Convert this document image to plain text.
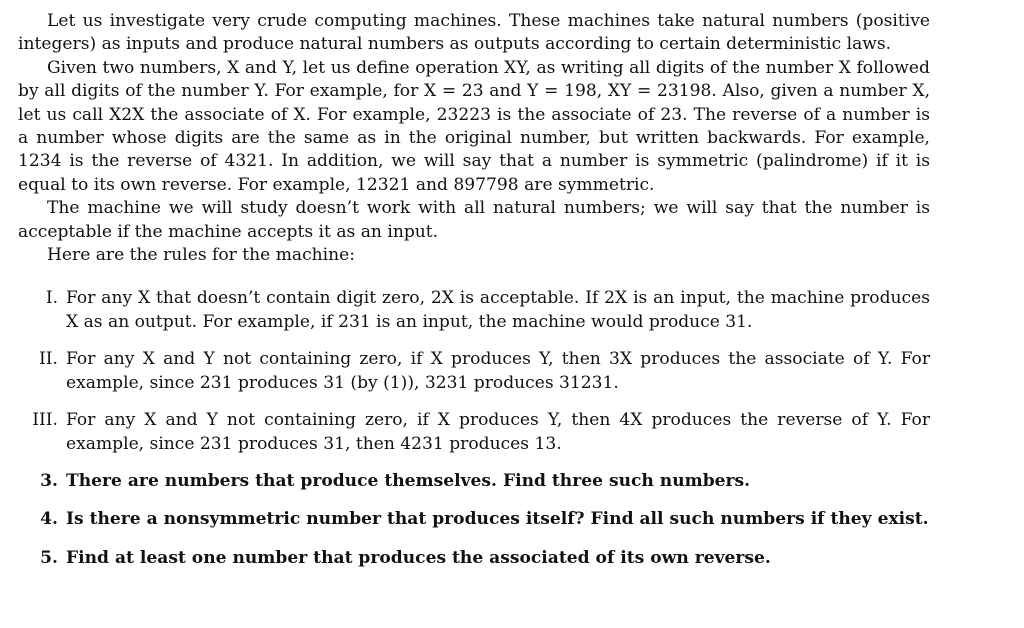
Let us investigate very crude computing machines. These machines take natural numbers (positive integers) as inputs and produce natural numbers as outputs according to certain deterministic laws.

Given two numbers, X and Y, let us define operation XY, as writing all digits of the number X followed by all digits of the number Y. For example, for X = 23 and Y = 198, XY = 23198. Also, given a number X, let us call X2X the associate of X. For example, 23223 is the associate of 23. The reverse of a number is a number whose digits are the same as in the original number, but written backwards. For example, 1234 is the reverse of 4321. In addition, we will say that a number is symmetric (palindrome) if it is equal to its own reverse. For example, 12321 and 897798 are symmetric.

The machine we will study doesn’t work with all natural numbers; we will say that the number is acceptable if the machine accepts it as an input.

Here are the rules for the machine:

I. For any X that doesn’t contain digit zero, 2X is acceptable. If 2X is an input, the machine produces X as an output. For example, if 231 is an input, the machine would produce 31.
II. For any X and Y not containing zero, if X produces Y, then 3X produces the associate of Y. For example, since 231 produces 31 (by (1)), 3231 produces 31231.
III. For any X and Y not containing zero, if X produces Y, then 4X produces the reverse of Y. For example, since 231 produces 31, then 4231 produces 13.
3. There are numbers that produce themselves. Find three such numbers.
4. Is there a nonsymmetric number that produces itself? Find all such numbers if they exist.
5. Find at least one number that produces the associated of its own reverse.
